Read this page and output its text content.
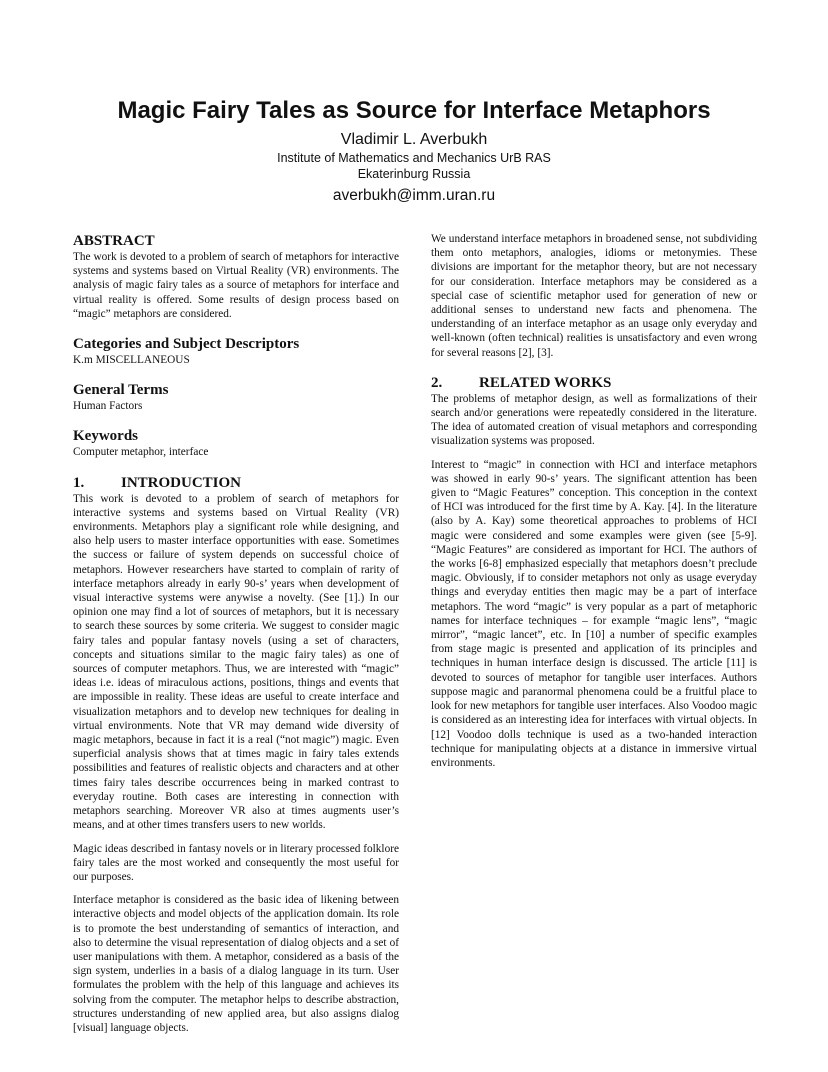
Magic Fairy Tales as Source for Interface Metaphors
Vladimir L. Averbukh
Institute of Mathematics and Mechanics UrB RAS
Ekaterinburg Russia
averbukh@imm.uran.ru
ABSTRACT

The work is devoted to a problem of search of metaphors for interactive systems and systems based on Virtual Reality (VR) environments. The analysis of magic fairy tales as a source of metaphors for interface and virtual reality is offered. Some results of design process based on “magic” metaphors are considered.

Categories and Subject Descriptors

K.m MISCELLANEOUS

General Terms

Human Factors

Keywords

Computer metaphor, interface

1. INTRODUCTION

This work is devoted to a problem of search of metaphors for interactive systems and systems based on Virtual Reality (VR) environments. Metaphors play a significant role while designing, and also help users to master interface opportunities with ease. Sometimes the success or failure of system depends on successful choice of metaphors. However researchers have started to complain of rarity of interface metaphors already in early 90-s’ years when development of visual interactive systems were anywise a novelty. (See [1].) In our opinion one may find a lot of sources of metaphors, but it is necessary to search these sources by some criteria. We suggest to consider magic fairy tales and popular fantasy novels (using a set of characters, concepts and situations similar to the magic fairy tales) as one of sources of computer metaphors. Thus, we are interested with “magic” ideas i.e. ideas of miraculous actions, positions, things and events that are impossible in reality. These ideas are useful to create interface and visualization metaphors and to develop new techniques for dealing in virtual environments. Note that VR may demand wide diversity of magic metaphors, because in fact it is a real (“not magic”) magic. Even superficial analysis shows that at times magic in fairy tales extends possibilities and features of realistic objects and characters and at other times fairy tales describe occurrences being in marked contrast to everyday routine. Both cases are interesting in connection with metaphors searching. Moreover VR also at times augments user’s means, and at other times transfers users to new worlds.

Magic ideas described in fantasy novels or in literary processed folklore fairy tales are the most worked and consequently the most useful for our purposes.

Interface metaphor is considered as the basic idea of likening between interactive objects and model objects of the application domain. Its role is to promote the best understanding of semantics of interaction, and also to determine the visual representation of dialog objects and a set of user manipulations with them. A metaphor, considered as a basis of the sign system, underlies in a basis of a dialog language in its turn. User formulates the problem with the help of this language and achieves its solving from the computer. The metaphor helps to describe abstraction, structures understanding of new applied area, but also assigns dialog [visual] language objects.

We understand interface metaphors in broadened sense, not subdividing them onto metaphors, analogies, idioms or metonymies. These divisions are important for the metaphor theory, but are not necessary for our consideration. Interface metaphors may be considered as a special case of scientific metaphor used for generation of new or additional senses to understand new facts and phenomena. The understanding of an interface metaphor as an usage only everyday and well-known (often technical) realities is unsatisfactory and even wrong for several reasons [2], [3].

2. RELATED WORKS

The problems of metaphor design, as well as formalizations of their search and/or generations were repeatedly considered in the literature. The idea of automated creation of visual metaphors and corresponding visualization systems was proposed.

Interest to “magic” in connection with HCI and interface metaphors was showed in early 90-s’ years. The significant attention has been given to “Magic Features” conception. This conception in the context of HCI was introduced for the first time by A. Kay. [4]. In the literature (also by A. Kay) some theoretical approaches to problems of HCI magic were considered and some examples were given (see [5-9]. “Magic Features” are considered as important for HCI. The authors of the works [6-8] emphasized especially that metaphors doesn’t preclude magic. Obviously, if to consider metaphors not only as usage everyday things and everyday entities then magic may be a part of interface metaphors. The word “magic” is very popular as a part of metaphoric names for interface techniques – for example “magic lens”, “magic mirror”, “magic lancet”, etc. In [10] a number of specific examples from stage magic is presented and application of its principles and techniques in human interface design is discussed. The article [11] is devoted to sources of metaphor for tangible user interfaces. Authors suppose magic and paranormal phenomena could be a fruitful place to look for new metaphors for tangible user interfaces. Also Voodoo magic is considered as an interesting idea for interfaces with virtual objects. In [12] Voodoo dolls technique is used as a two-handed interaction technique for manipulating objects at a distance in immersive virtual environments.
